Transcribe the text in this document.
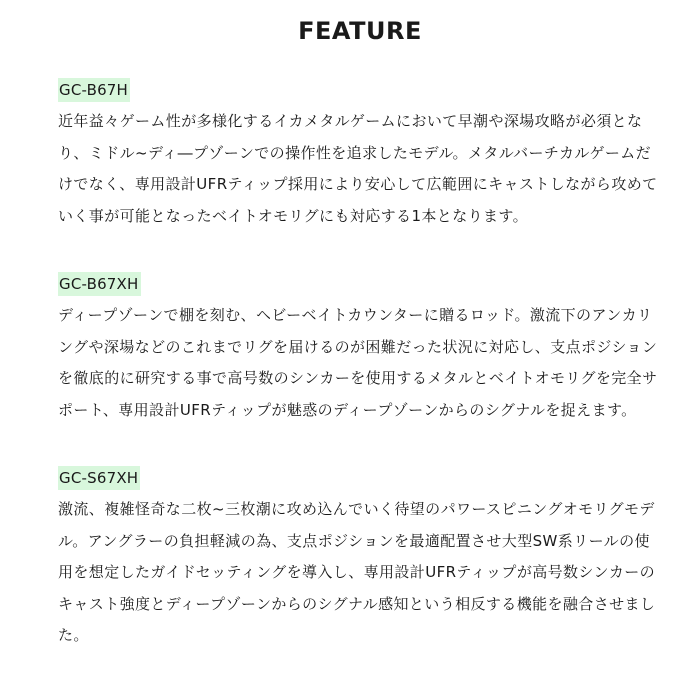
FEATURE
GC-B67H

近年益々ゲーム性が多様化するイカメタルゲームにおいて早潮や深場攻略が必須となり、ミドル~ディ―プゾーンでの操作性を追求したモデル。メタルバーチカルゲームだけでなく、専用設計UFRティップ採用により安心して広範囲にキャストしながら攻めていく事が可能となったベイトオモリグにも対応する1本となります。

GC-B67XH

ディープゾーンで棚を刻む、ヘビーベイトカウンターに贈るロッド。激流下のアンカリングや深場などのこれまでリグを届けるのが困難だった状況に対応し、支点ポジションを徹底的に研究する事で高号数のシンカーを使用するメタルとベイトオモリグを完全サポート、専用設計UFRティップが魅惑のディープゾーンからのシグナルを捉えます。

GC-S67XH

激流、複雑怪奇な二枚~三枚潮に攻め込んでいく待望のパワースピニングオモリグモデル。アングラーの負担軽減の為、支点ポジションを最適配置させ大型SW系リールの使用を想定したガイドセッティングを導入し、専用設計UFRティップが高号数シンカーのキャスト強度とディープゾーンからのシグナル感知という相反する機能を融合させました。
